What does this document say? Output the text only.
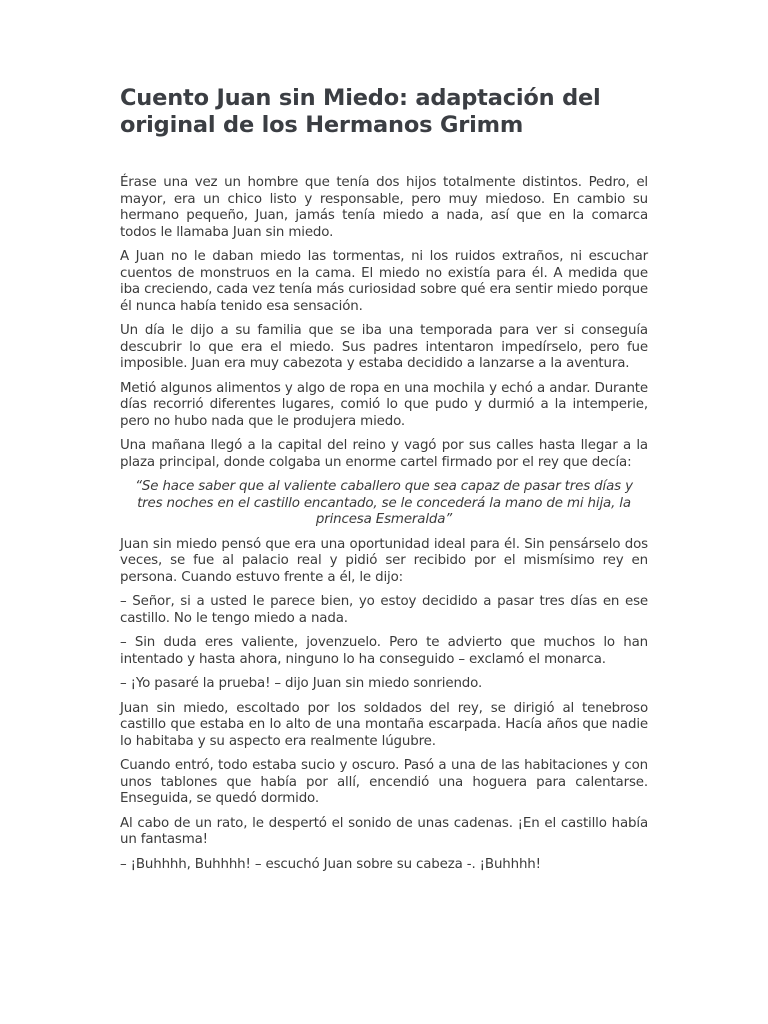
Cuento Juan sin Miedo: adaptación del original de los Hermanos Grimm

Érase una vez un hombre que tenía dos hijos totalmente distintos. Pedro, el mayor, era un chico listo y responsable, pero muy miedoso. En cambio su hermano pequeño, Juan, jamás tenía miedo a nada, así que en la comarca todos le llamaba Juan sin miedo.

A Juan no le daban miedo las tormentas, ni los ruidos extraños, ni escuchar cuentos de monstruos en la cama. El miedo no existía para él. A medida que iba creciendo, cada vez tenía más curiosidad sobre qué era sentir miedo porque él nunca había tenido esa sensación.

Un día le dijo a su familia que se iba una temporada para ver si conseguía descubrir lo que era el miedo. Sus padres intentaron impedírselo, pero fue imposible. Juan era muy cabezota y estaba decidido a lanzarse a la aventura.

Metió algunos alimentos y algo de ropa en una mochila y echó a andar. Durante días recorrió diferentes lugares, comió lo que pudo y durmió a la intemperie, pero no hubo nada que le produjera miedo.

Una mañana llegó a la capital del reino y vagó por sus calles hasta llegar a la plaza principal, donde colgaba un enorme cartel firmado por el rey que decía:

“Se hace saber que al valiente caballero que sea capaz de pasar tres días y tres noches en el castillo encantado, se le concederá la mano de mi hija, la princesa Esmeralda”

Juan sin miedo pensó que era una oportunidad ideal para él. Sin pensárselo dos veces, se fue al palacio real y pidió ser recibido por el mismísimo rey en persona. Cuando estuvo frente a él, le dijo:

– Señor, si a usted le parece bien, yo estoy decidido a pasar tres días en ese castillo. No le tengo miedo a nada.

– Sin duda eres valiente, jovenzuelo. Pero te advierto que muchos lo han intentado y hasta ahora, ninguno lo ha conseguido – exclamó el monarca.

– ¡Yo pasaré la prueba! – dijo Juan sin miedo sonriendo.

Juan sin miedo, escoltado por los soldados del rey, se dirigió al tenebroso castillo que estaba en lo alto de una montaña escarpada. Hacía años que nadie lo habitaba y su aspecto era realmente lúgubre.

Cuando entró, todo estaba sucio y oscuro. Pasó a una de las habitaciones y con unos tablones que había por allí, encendió una hoguera para calentarse. Enseguida, se quedó dormido.

Al cabo de un rato, le despertó el sonido de unas cadenas. ¡En el castillo había un fantasma!

– ¡Buhhhh, Buhhhh! – escuchó Juan sobre su cabeza -. ¡Buhhhh!
